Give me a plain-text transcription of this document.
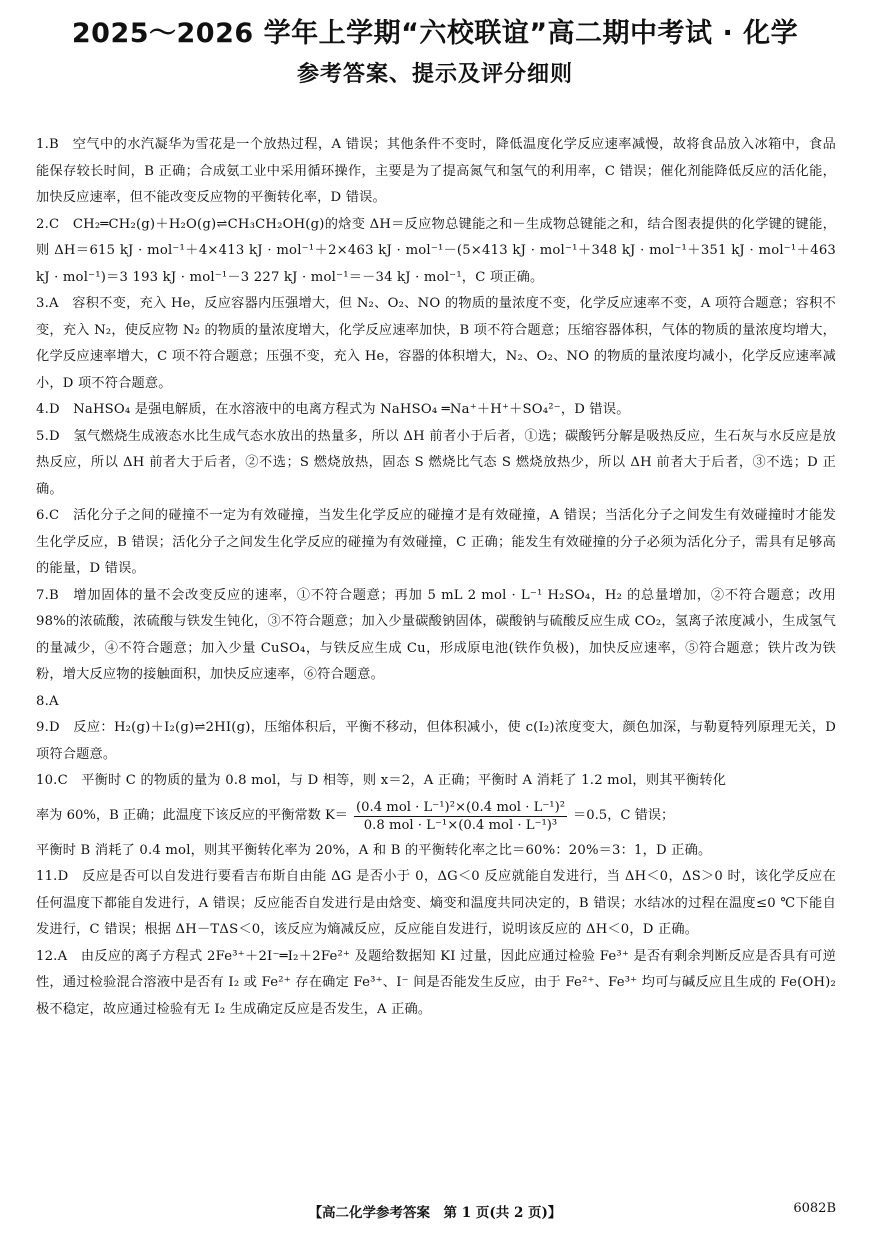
2025～2026 学年上学期“六校联谊”高二期中考试 · 化学
参考答案、提示及评分细则
1.B　空气中的水汽凝华为雪花是一个放热过程，A 错误；其他条件不变时，降低温度化学反应速率减慢，故将食品放入冰箱中，食品能保存较长时间，B 正确；合成氨工业中采用循环操作，主要是为了提高氮气和氢气的利用率，C 错误；催化剂能降低反应的活化能，加快反应速率，但不能改变反应物的平衡转化率，D 错误。
2.C　CH₂═CH₂(g)＋H₂O(g)⇌CH₃CH₂OH(g)的焓变 ΔH＝反应物总键能之和－生成物总键能之和，结合图表提供的化学键的键能，则 ΔH＝615 kJ · mol⁻¹＋4×413 kJ · mol⁻¹＋2×463 kJ · mol⁻¹－(5×413 kJ · mol⁻¹＋348 kJ · mol⁻¹＋351 kJ · mol⁻¹＋463 kJ · mol⁻¹)＝3 193 kJ · mol⁻¹－3 227 kJ · mol⁻¹＝－34 kJ · mol⁻¹，C 项正确。
3.A　容积不变，充入 He，反应容器内压强增大，但 N₂、O₂、NO 的物质的量浓度不变，化学反应速率不变，A 项符合题意；容积不变，充入 N₂，使反应物 N₂ 的物质的量浓度增大，化学反应速率加快，B 项不符合题意；压缩容器体积，气体的物质的量浓度均增大，化学反应速率增大，C 项不符合题意；压强不变，充入 He，容器的体积增大，N₂、O₂、NO 的物质的量浓度均减小，化学反应速率减小，D 项不符合题意。
4.D　NaHSO₄ 是强电解质，在水溶液中的电离方程式为 NaHSO₄ ═Na⁺＋H⁺＋SO₄²⁻，D 错误。
5.D　氢气燃烧生成液态水比生成气态水放出的热量多，所以 ΔH 前者小于后者，①选；碳酸钙分解是吸热反应，生石灰与水反应是放热反应，所以 ΔH 前者大于后者，②不选；S 燃烧放热，固态 S 燃烧比气态 S 燃烧放热少，所以 ΔH 前者大于后者，③不选；D 正确。
6.C　活化分子之间的碰撞不一定为有效碰撞，当发生化学反应的碰撞才是有效碰撞，A 错误；当活化分子之间发生有效碰撞时才能发生化学反应，B 错误；活化分子之间发生化学反应的碰撞为有效碰撞，C 正确；能发生有效碰撞的分子必须为活化分子，需具有足够高的能量，D 错误。
7.B　增加固体的量不会改变反应的速率，①不符合题意；再加 5 mL 2 mol · L⁻¹ H₂SO₄，H₂ 的总量增加，②不符合题意；改用 98%的浓硫酸，浓硫酸与铁发生钝化，③不符合题意；加入少量碳酸钠固体，碳酸钠与硫酸反应生成 CO₂，氢离子浓度减小，生成氢气的量减少，④不符合题意；加入少量 CuSO₄，与铁反应生成 Cu，形成原电池(铁作负极)，加快反应速率，⑤符合题意；铁片改为铁粉，增大反应物的接触面积，加快反应速率，⑥符合题意。
8.A
9.D　反应：H₂(g)＋I₂(g)⇌2HI(g)，压缩体积后，平衡不移动，但体积减小，使 c(I₂)浓度变大，颜色加深，与勒夏特列原理无关，D 项符合题意。
10.C　平衡时 C 的物质的量为 0.8 mol，与 D 相等，则 x＝2，A 正确；平衡时 A 消耗了 1.2 mol，则其平衡转化
率为 60%，B 正确；此温度下该反应的平衡常数 $K= \frac{\text{(0.4 mol · L⁻¹)²×(0.4 mol · L⁻¹)²}}{\text{0.8 mol · L⁻¹×(0.4 mol · L⁻¹)³}} =0.5$，C 错误；
平衡时 B 消耗了 0.4 mol，则其平衡转化率为 20%，A 和 B 的平衡转化率之比＝60%：20%＝3：1，D 正确。
11.D　反应是否可以自发进行要看吉布斯自由能 ΔG 是否小于 0，ΔG＜0 反应就能自发进行，当 ΔH＜0，ΔS＞0 时，该化学反应在任何温度下都能自发进行，A 错误；反应能否自发进行是由焓变、熵变和温度共同决定的，B 错误；水结冰的过程在温度≤0 ℃下能自发进行，C 错误；根据 ΔH－TΔS＜0，该反应为熵减反应，反应能自发进行，说明该反应的 ΔH＜0，D 正确。
12.A　由反应的离子方程式 2Fe³⁺＋2I⁻═I₂＋2Fe²⁺ 及题给数据知 KI 过量，因此应通过检验 Fe³⁺ 是否有剩余判断反应是否具有可逆性，通过检验混合溶液中是否有 I₂ 或 Fe²⁺ 存在确定 Fe³⁺、I⁻ 间是否能发生反应，由于 Fe²⁺、Fe³⁺ 均可与碱反应且生成的 Fe(OH)₂ 极不稳定，故应通过检验有无 I₂ 生成确定反应是否发生，A 正确。
【高二化学参考答案　第 1 页(共 2 页)】	6082B
